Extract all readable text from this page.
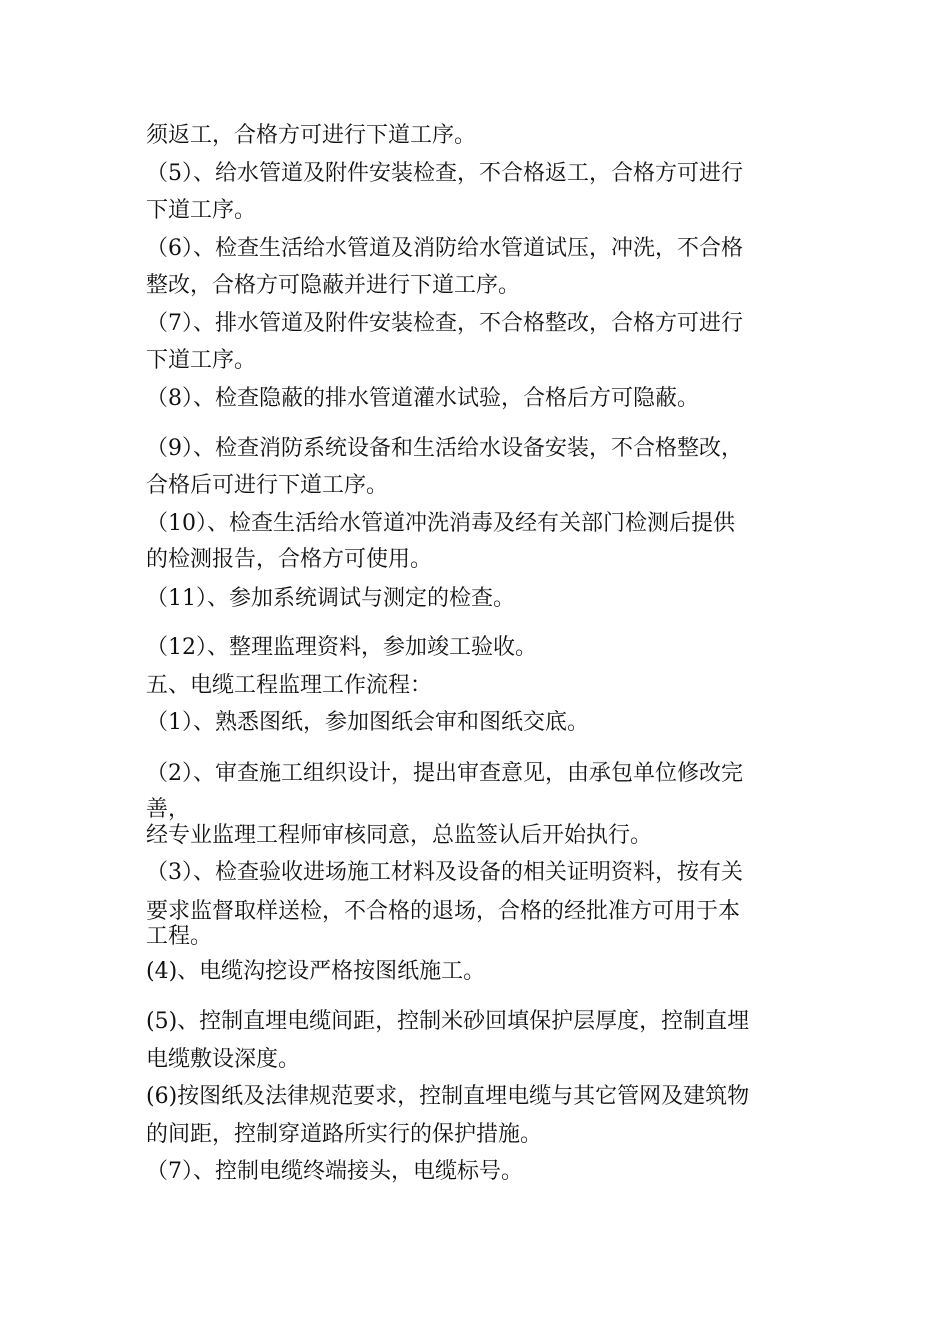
须返工，合格方可进行下道工序。
（5）、给水管道及附件安装检查，不合格返工，合格方可进行
下道工序。
（6）、检查生活给水管道及消防给水管道试压，冲洗，不合格
整改，合格方可隐蔽并进行下道工序。
（7）、排水管道及附件安装检查，不合格整改，合格方可进行
下道工序。
（8）、检查隐蔽的排水管道灌水试验，合格后方可隐蔽。
（9）、检查消防系统设备和生活给水设备安装，不合格整改，
合格后可进行下道工序。
（10）、检查生活给水管道冲洗消毒及经有关部门检测后提供
的检测报告，合格方可使用。
（11）、参加系统调试与测定的检查。
（12）、整理监理资料，参加竣工验收。
五、电缆工程监理工作流程：
（1）、熟悉图纸，参加图纸会审和图纸交底。
（2）、审查施工组织设计，提出审查意见，由承包单位修改完
善，
经专业监理工程师审核同意，总监签认后开始执行。
（3）、检查验收进场施工材料及设备的相关证明资料，按有关
要求监督取样送检，不合格的退场，合格的经批准方可用于本
工程。
(4)、电缆沟挖设严格按图纸施工。
(5)、控制直埋电缆间距，控制米砂回填保护层厚度，控制直埋
电缆敷设深度。
(6)按图纸及法律规范要求，控制直埋电缆与其它管网及建筑物
的间距，控制穿道路所实行的保护措施。
（7）、控制电缆终端接头，电缆标号。
